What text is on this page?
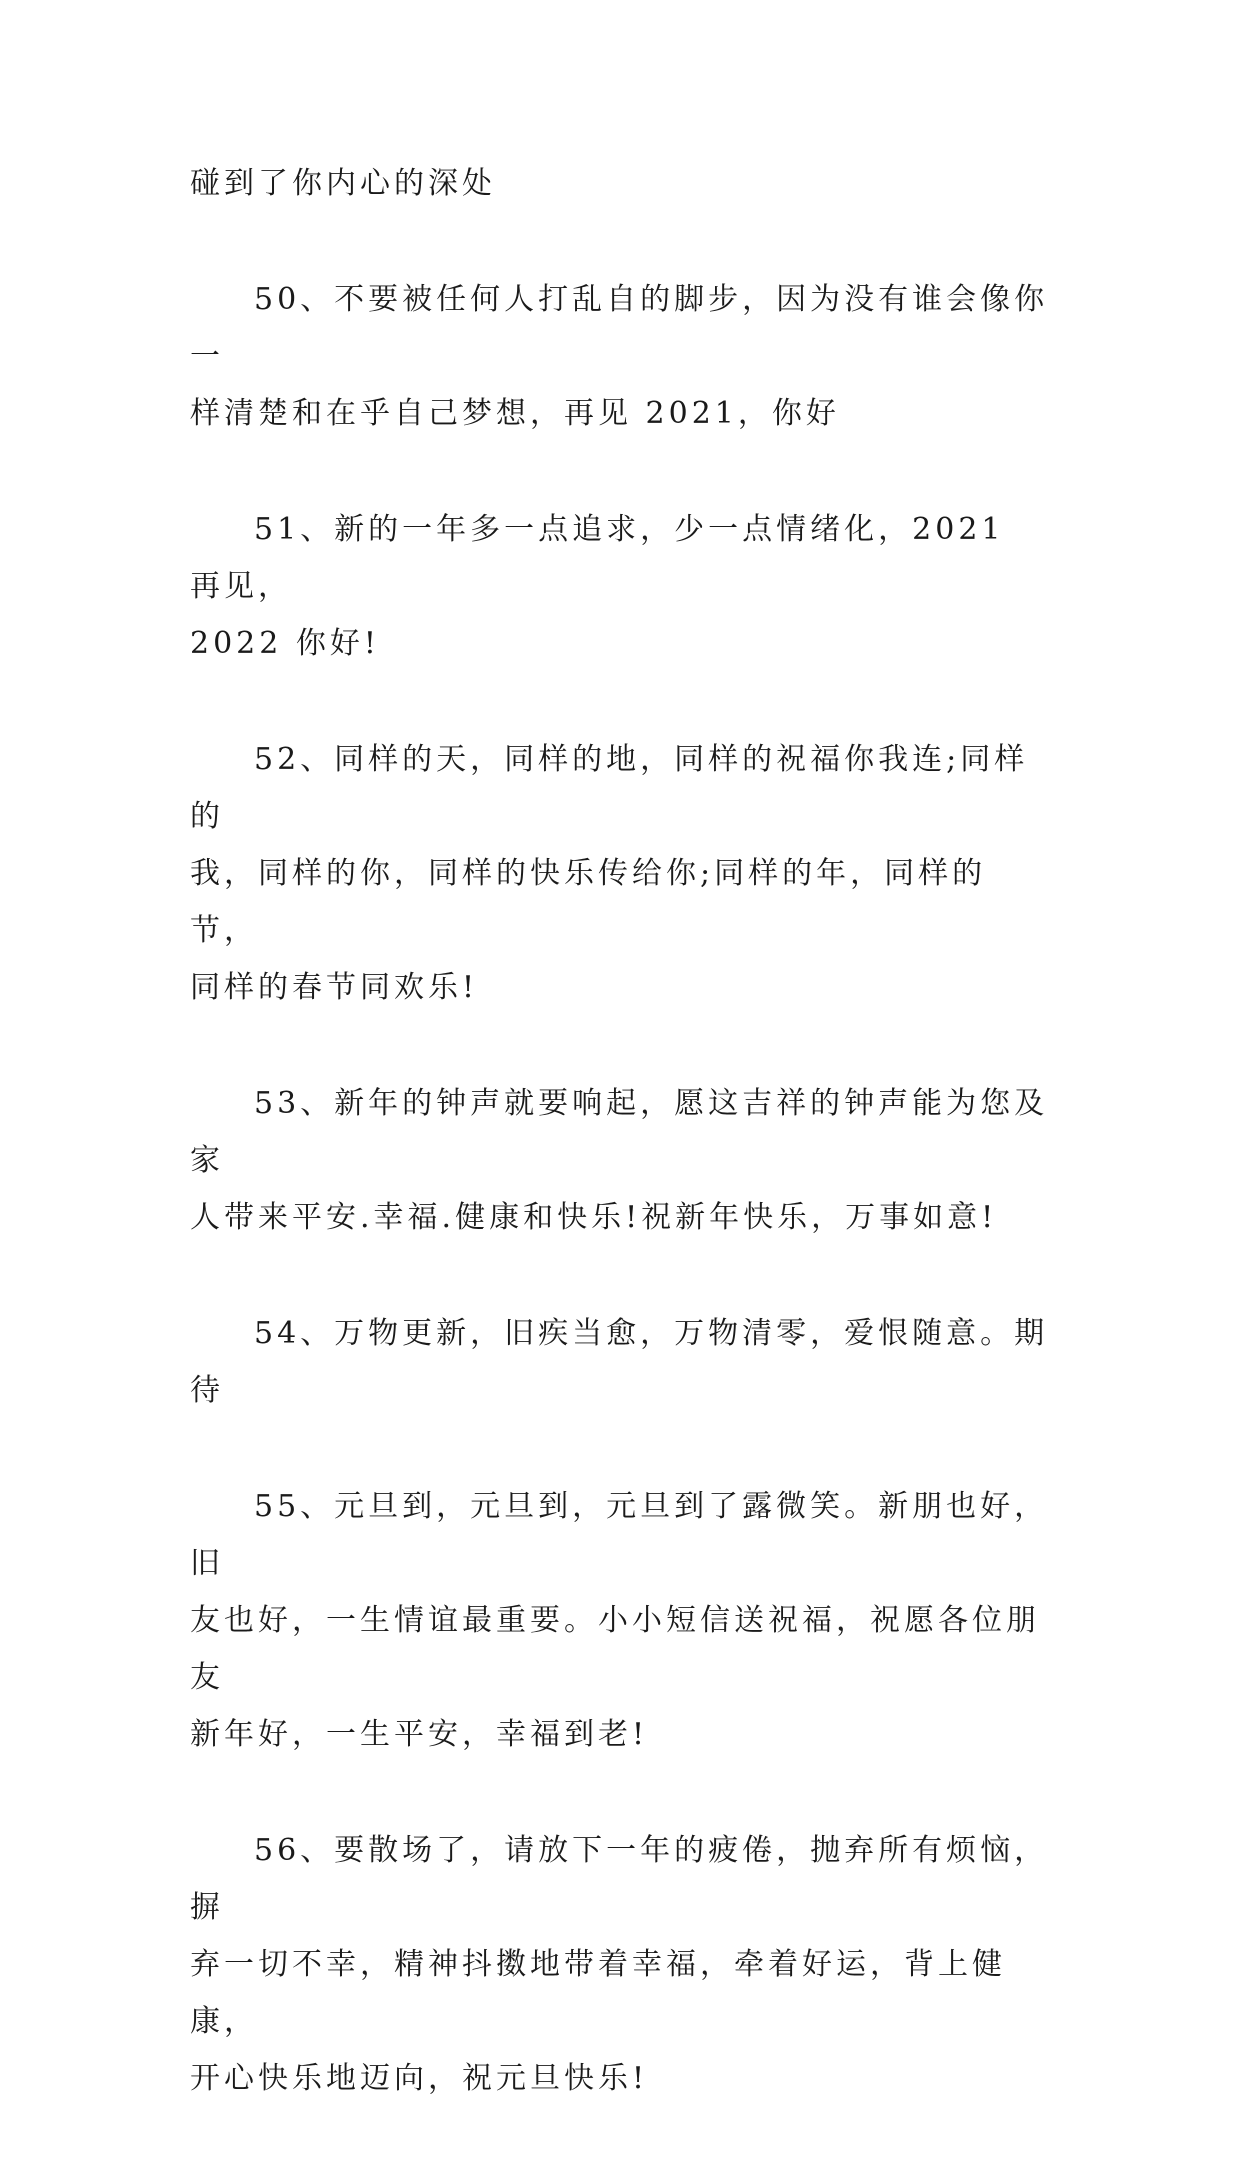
碰到了你内心的深处

50、不要被任何人打乱自的脚步，因为没有谁会像你一
样清楚和在乎自己梦想，再见 2021，你好

51、新的一年多一点追求，少一点情绪化，2021 再见，
2022 你好!

52、同样的天，同样的地，同样的祝福你我连;同样的
我，同样的你，同样的快乐传给你;同样的年，同样的节，
同样的春节同欢乐!

53、新年的钟声就要响起，愿这吉祥的钟声能为您及家
人带来平安.幸福.健康和快乐!祝新年快乐，万事如意!

54、万物更新，旧疾当愈，万物清零，爱恨随意。期待

55、元旦到，元旦到，元旦到了露微笑。新朋也好，旧
友也好，一生情谊最重要。小小短信送祝福，祝愿各位朋友
新年好，一生平安，幸福到老!

56、要散场了，请放下一年的疲倦，抛弃所有烦恼，摒
弃一切不幸，精神抖擞地带着幸福，牵着好运，背上健康，
开心快乐地迈向，祝元旦快乐!
